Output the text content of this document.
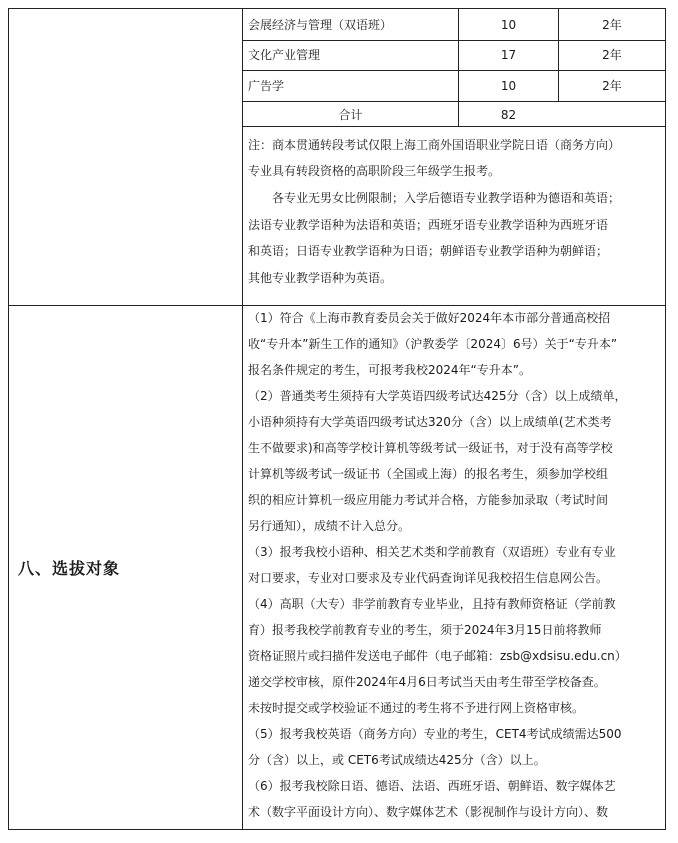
会展经济与管理（双语班）	10	2年
文化产业管理	17	2年
广告学	10	2年
合计	82
注：商本贯通转段考试仅限上海工商外国语职业学院日语（商务方向）
专业具有转段资格的高职阶段三年级学生报考。
　　各专业无男女比例限制；入学后德语专业教学语种为德语和英语；
法语专业教学语种为法语和英语；西班牙语专业教学语种为西班牙语
和英语；日语专业教学语种为日语；朝鲜语专业教学语种为朝鲜语；
其他专业教学语种为英语。
八、选拔对象
（1）符合《上海市教育委员会关于做好2024年本市部分普通高校招
收“专升本”新生工作的通知》（沪教委学〔2024〕6号）关于“专升本”
报名条件规定的考生，可报考我校2024年“专升本”。
（2）普通类考生须持有大学英语四级考试达425分（含）以上成绩单，
小语种须持有大学英语四级考试达320分（含）以上成绩单(艺术类考
生不做要求)和高等学校计算机等级考试一级证书，对于没有高等学校
计算机等级考试一级证书（全国或上海）的报名考生，须参加学校组
织的相应计算机一级应用能力考试并合格，方能参加录取（考试时间
另行通知），成绩不计入总分。
（3）报考我校小语种、相关艺术类和学前教育（双语班）专业有专业
对口要求，专业对口要求及专业代码查询详见我校招生信息网公告。
（4）高职（大专）非学前教育专业毕业，且持有教师资格证（学前教
育）报考我校学前教育专业的考生，须于2024年3月15日前将教师
资格证照片或扫描件发送电子邮件（电子邮箱：zsb@xdsisu.edu.cn）
递交学校审核，原件2024年4月6日考试当天由考生带至学校备查。
未按时提交或学校验证不通过的考生将不予进行网上资格审核。
（5）报考我校英语（商务方向）专业的考生，CET4考试成绩需达500
分（含）以上，或 CET6考试成绩达425分（含）以上。
（6）报考我校除日语、德语、法语、西班牙语、朝鲜语、数字媒体艺
术（数字平面设计方向）、数字媒体艺术（影视制作与设计方向）、数
